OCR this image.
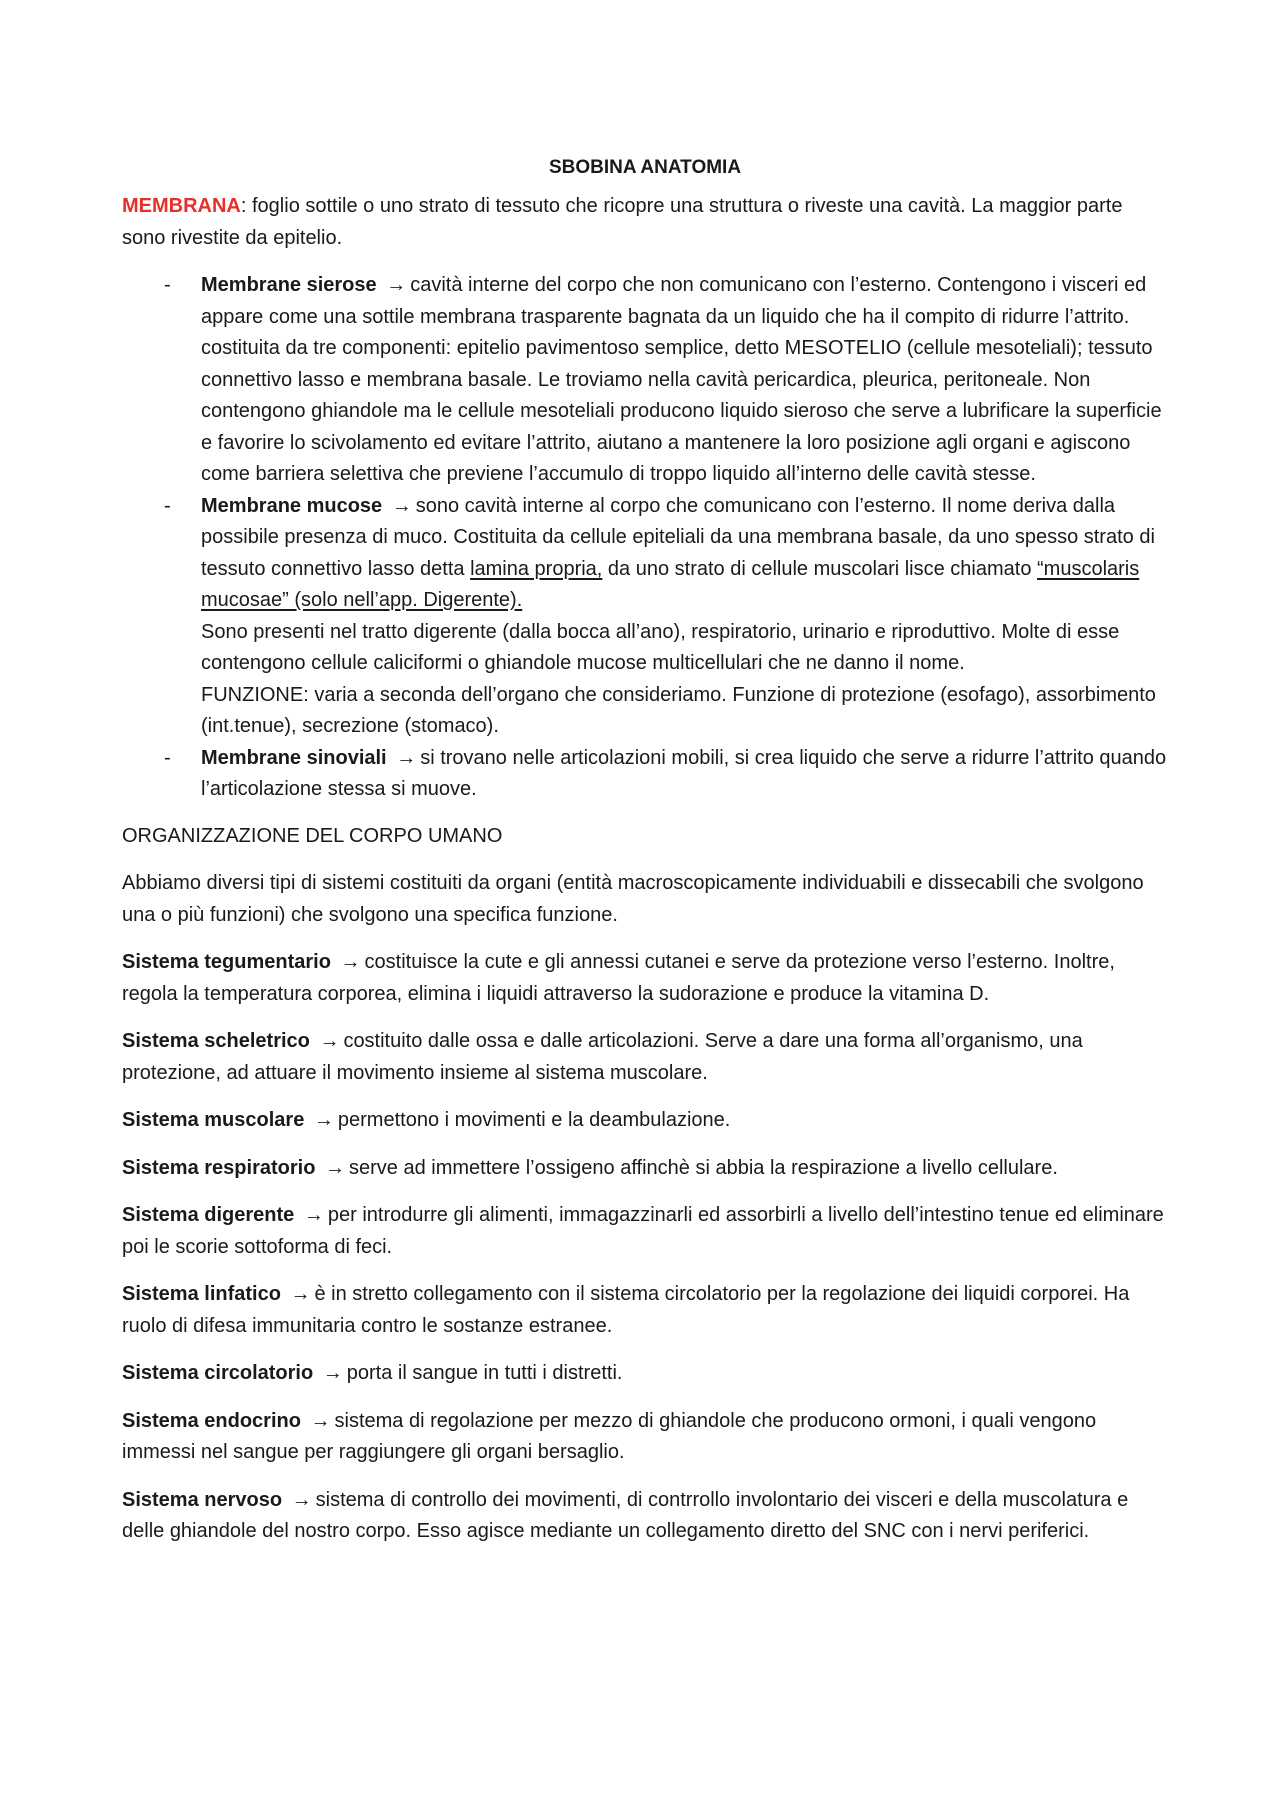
SBOBINA ANATOMIA

MEMBRANA: foglio sottile o uno strato di tessuto che ricopre una struttura o riveste una cavità. La maggior parte sono rivestite da epitelio.

- Membrane sierose → cavità interne del corpo che non comunicano con l’esterno. Contengono i visceri ed appare come una sottile membrana trasparente bagnata da un liquido che ha il compito di ridurre l’attrito. costituita da tre componenti: epitelio pavimentoso semplice, detto MESOTELIO (cellule mesoteliali); tessuto connettivo lasso e membrana basale. Le troviamo nella cavità pericardica, pleurica, peritoneale. Non contengono ghiandole ma le cellule mesoteliali producono liquido sieroso che serve a lubrificare la superficie e favorire lo scivolamento ed evitare l’attrito, aiutano a mantenere la loro posizione agli organi e agiscono come barriera selettiva che previene l’accumulo di troppo liquido all’interno delle cavità stesse.
- Membrane mucose → sono cavità interne al corpo che comunicano con l’esterno. Il nome deriva dalla possibile presenza di muco. Costituita da cellule epiteliali da una membrana basale, da uno spesso strato di tessuto connettivo lasso detta lamina propria, da uno strato di cellule muscolari lisce chiamato “muscolaris mucosae” (solo nell’app. Digerente).
Sono presenti nel tratto digerente (dalla bocca all’ano), respiratorio, urinario e riproduttivo. Molte di esse contengono cellule caliciformi o ghiandole mucose multicellulari che ne danno il nome.
FUNZIONE: varia a seconda dell’organo che consideriamo. Funzione di protezione (esofago), assorbimento (int.tenue), secrezione (stomaco).
- Membrane sinoviali → si trovano nelle articolazioni mobili, si crea liquido che serve a ridurre l’attrito quando l’articolazione stessa si muove.

ORGANIZZAZIONE DEL CORPO UMANO

Abbiamo diversi tipi di sistemi costituiti da organi (entità macroscopicamente individuabili e dissecabili che svolgono una o più funzioni) che svolgono una specifica funzione.

Sistema tegumentario → costituisce la cute e gli annessi cutanei e serve da protezione verso l’esterno. Inoltre, regola la temperatura corporea, elimina i liquidi attraverso la sudorazione e produce la vitamina D.

Sistema scheletrico → costituito dalle ossa e dalle articolazioni. Serve a dare una forma all’organismo, una protezione, ad attuare il movimento insieme al sistema muscolare.

Sistema muscolare → permettono i movimenti e la deambulazione.

Sistema respiratorio → serve ad immettere l’ossigeno affinchè si abbia la respirazione a livello cellulare.

Sistema digerente → per introdurre gli alimenti, immagazzinarli ed assorbirli a livello dell’intestino tenue ed eliminare poi le scorie sottoforma di feci.

Sistema linfatico → è in stretto collegamento con il sistema circolatorio per la regolazione dei liquidi corporei. Ha ruolo di difesa immunitaria contro le sostanze estranee.

Sistema circolatorio → porta il sangue in tutti i distretti.

Sistema endocrino → sistema di regolazione per mezzo di ghiandole che producono ormoni, i quali vengono immessi nel sangue per raggiungere gli organi bersaglio.

Sistema nervoso → sistema di controllo dei movimenti, di contrrollo involontario dei visceri e della muscolatura e delle ghiandole del nostro corpo. Esso agisce mediante un collegamento diretto del SNC con i nervi periferici.
